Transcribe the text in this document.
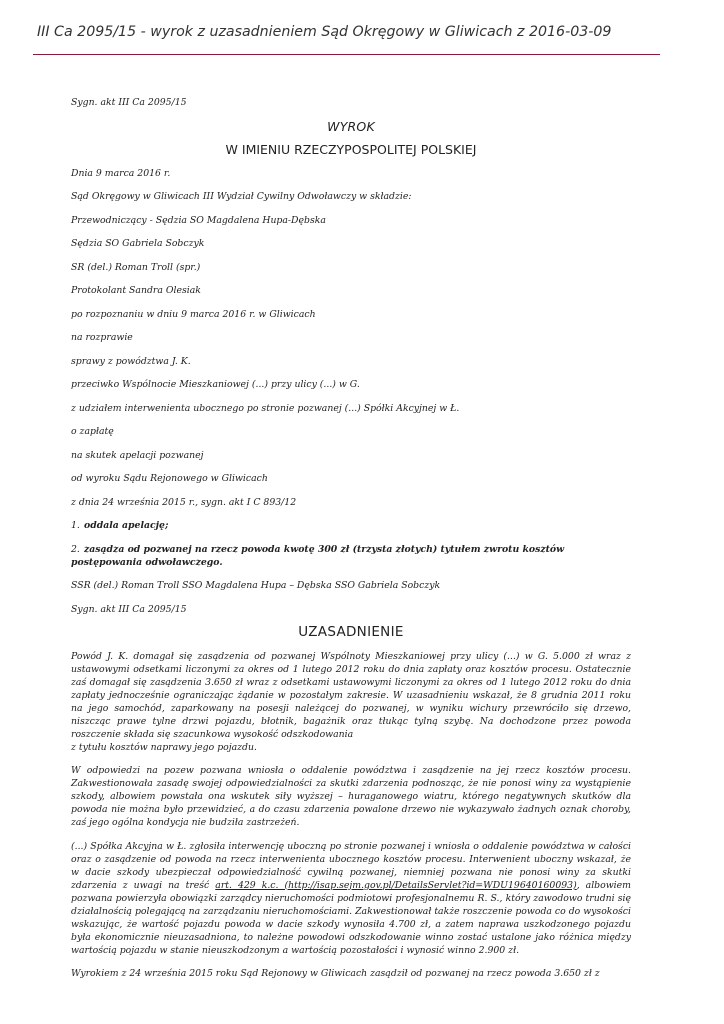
III Ca 2095/15 - wyrok z uzasadnieniem Sąd Okręgowy w Gliwicach z 2016-03-09

Sygn. akt III Ca 2095/15

WYROK

W IMIENIU RZECZYPOSPOLITEJ POLSKIEJ

Dnia 9 marca 2016 r.

Sąd Okręgowy w Gliwicach III Wydział Cywilny Odwoławczy w składzie:

Przewodniczący - Sędzia SO Magdalena Hupa-Dębska

Sędzia SO Gabriela Sobczyk

SR (del.) Roman Troll (spr.)

Protokolant Sandra Olesiak

po rozpoznaniu w dniu 9 marca 2016 r. w Gliwicach

na rozprawie

sprawy z powództwa J. K.

przeciwko Wspólnocie Mieszkaniowej (...) przy ulicy (...) w G.

z udziałem interwenienta ubocznego po stronie pozwanej (...) Spółki Akcyjnej w Ł.

o zapłatę

na skutek apelacji pozwanej

od wyroku Sądu Rejonowego w Gliwicach

z dnia 24 września 2015 r., sygn. akt I C 893/12

1. oddala apelację;

2. zasądza od pozwanej na rzecz powoda kwotę 300 zł (trzysta złotych) tytułem zwrotu kosztów postępowania odwoławczego.

SSR (del.) Roman Troll SSO Magdalena Hupa – Dębska SSO Gabriela Sobczyk

Sygn. akt III Ca 2095/15

UZASADNIENIE

Powód J. K. domagał się zasądzenia od pozwanej Wspólnoty Mieszkaniowej przy ulicy (...) w G. 5.000 zł wraz z ustawowymi odsetkami liczonymi za okres od 1 lutego 2012 roku do dnia zapłaty oraz kosztów procesu. Ostatecznie zaś domagał się zasądzenia 3.650 zł wraz z odsetkami ustawowymi liczonymi za okres od 1 lutego 2012 roku do dnia zapłaty jednocześnie ograniczając żądanie w pozostałym zakresie. W uzasadnieniu wskazał, że 8 grudnia 2011 roku na jego samochód, zaparkowany na posesji należącej do pozwanej, w wyniku wichury przewróciło się drzewo, niszcząc prawe tylne drzwi pojazdu, błotnik, bagażnik oraz tłukąc tylną szybę. Na dochodzone przez powoda roszczenie składa się szacunkowa wysokość odszkodowania
z tytułu kosztów naprawy jego pojazdu.

W odpowiedzi na pozew pozwana wniosła o oddalenie powództwa i zasądzenie na jej rzecz kosztów procesu. Zakwestionowała zasadę swojej odpowiedzialności za skutki zdarzenia podnosząc, że nie ponosi winy za wystąpienie szkody, albowiem powstała ona wskutek siły wyższej – huraganowego wiatru, którego negatywnych skutków dla powoda nie można było przewidzieć, a do czasu zdarzenia powalone drzewo nie wykazywało żadnych oznak choroby, zaś jego ogólna kondycja nie budziła zastrzeżeń.

(...) Spółka Akcyjna w Ł. zgłosiła interwencję uboczną po stronie pozwanej i wniosła o oddalenie powództwa w całości oraz o zasądzenie od powoda na rzecz interwenienta ubocznego kosztów procesu. Interwenient uboczny wskazał, że w dacie szkody ubezpieczał odpowiedzialność cywilną pozwanej, niemniej pozwana nie ponosi winy za skutki zdarzenia z uwagi na treść art. 429 k.c. (http://isap.sejm.gov.pl/DetailsServlet?id=WDU19640160093), albowiem pozwana powierzyła obowiązki zarządcy nieruchomości podmiotowi profesjonalnemu R. S., który zawodowo trudni się działalnością polegającą na zarządzaniu nieruchomościami. Zakwestionował także roszczenie powoda co do wysokości wskazując, że wartość pojazdu powoda w dacie szkody wynosiła 4.700 zł, a zatem naprawa uszkodzonego pojazdu była ekonomicznie nieuzasadniona, to należne powodowi odszkodowanie winno zostać ustalone jako różnica między wartością pojazdu w stanie nieuszkodzonym a wartością pozostałości i wynosić winno 2.900 zł.

Wyrokiem z 24 września 2015 roku Sąd Rejonowy w Gliwicach zasądził od pozwanej na rzecz powoda 3.650 zł z
